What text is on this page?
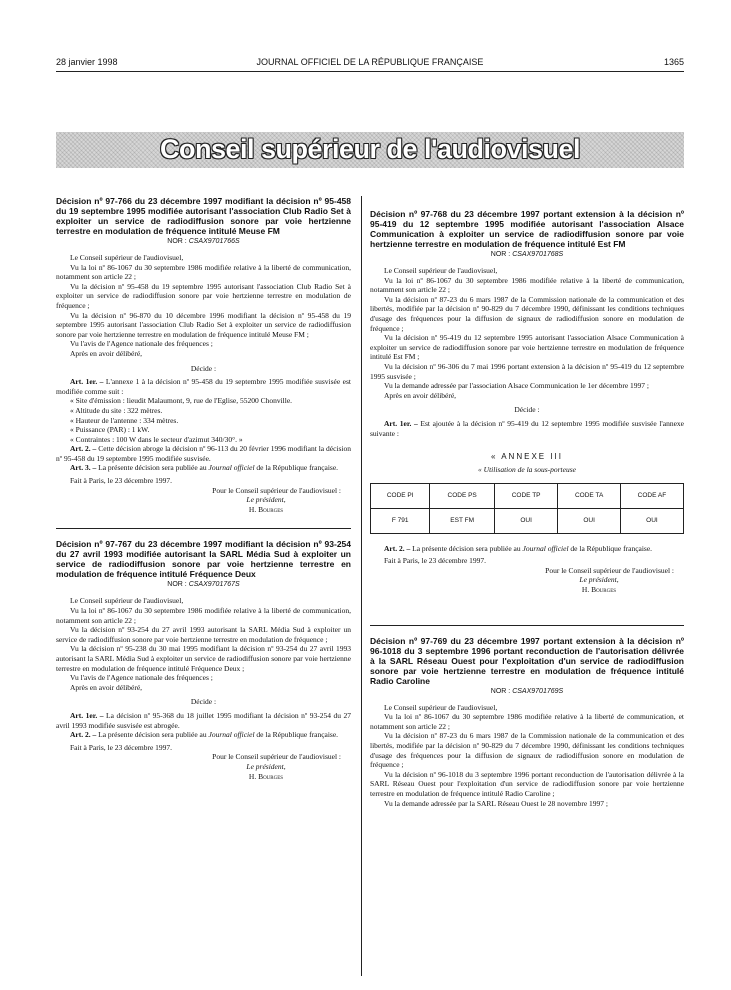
28 janvier 1998	JOURNAL OFFICIEL DE LA RÉPUBLIQUE FRANÇAISE	1365
Conseil supérieur de l'audiovisuel
Décision nº 97-766 du 23 décembre 1997 modifiant la décision nº 95-458 du 19 septembre 1995 modifiée autorisant l'association Club Radio Set à exploiter un service de radiodiffusion sonore par voie hertzienne terrestre en modulation de fréquence intitulé Meuse FM
NOR : CSAX9701766S

Le Conseil supérieur de l'audiovisuel,

Vu la loi nº 86-1067 du 30 septembre 1986 modifiée relative à la liberté de communication, notamment son article 22 ;

Vu la décision nº 95-458 du 19 septembre 1995 autorisant l'association Club Radio Set à exploiter un service de radiodiffusion sonore par voie hertzienne terrestre en modulation de fréquence ;

Vu la décision nº 96-870 du 10 décembre 1996 modifiant la décision nº 95-458 du 19 septembre 1995 autorisant l'association Club Radio Set à exploiter un service de radiodiffusion sonore par voie hertzienne terrestre en modulation de fréquence intitulé Meuse FM ;

Vu l'avis de l'Agence nationale des fréquences ;

Après en avoir délibéré,

Décide :

Art. 1er. – L'annexe 1 à la décision nº 95-458 du 19 septembre 1995 modifiée susvisée est modifiée comme suit :

« Site d'émission : lieudit Malaumont, 9, rue de l'Eglise, 55200 Chonville.

« Altitude du site : 322 mètres.

« Hauteur de l'antenne : 334 mètres.

« Puissance (PAR) : 1 kW.

« Contraintes : 100 W dans le secteur d'azimut 340/30°. »

Art. 2. – Cette décision abroge la décision nº 96-113 du 20 février 1996 modifiant la décision nº 95-458 du 19 septembre 1995 modifiée susvisée.

Art. 3. – La présente décision sera publiée au Journal officiel de la République française.

Fait à Paris, le 23 décembre 1997.

Pour le Conseil supérieur de l'audiovisuel :
Le président,
H. Bourges
Décision nº 97-767 du 23 décembre 1997 modifiant la décision nº 93-254 du 27 avril 1993 modifiée autorisant la SARL Média Sud à exploiter un service de radiodiffusion sonore par voie hertzienne terrestre en modulation de fréquence intitulé Fréquence Deux
NOR : CSAX9701767S

Le Conseil supérieur de l'audiovisuel,

Vu la loi nº 86-1067 du 30 septembre 1986 modifiée relative à la liberté de communication, notamment son article 22 ;

Vu la décision nº 93-254 du 27 avril 1993 autorisant la SARL Média Sud à exploiter un service de radiodiffusion sonore par voie hertzienne terrestre en modulation de fréquence ;

Vu la décision nº 95-238 du 30 mai 1995 modifiant la décision nº 93-254 du 27 avril 1993 autorisant la SARL Média Sud à exploiter un service de radiodiffusion sonore par voie hertzienne terrestre en modulation de fréquence intitulé Fréquence Deux ;

Vu l'avis de l'Agence nationale des fréquences ;

Après en avoir délibéré,

Décide :

Art. 1er. – La décision nº 95-368 du 18 juillet 1995 modifiant la décision nº 93-254 du 27 avril 1993 modifiée susvisée est abrogée.

Art. 2. – La présente décision sera publiée au Journal officiel de la République française.

Fait à Paris, le 23 décembre 1997.

Pour le Conseil supérieur de l'audiovisuel :
Le président,
H. Bourges
Décision nº 97-768 du 23 décembre 1997 portant extension à la décision nº 95-419 du 12 septembre 1995 modifiée autorisant l'association Alsace Communication à exploiter un service de radiodiffusion sonore par voie hertzienne terrestre en modulation de fréquence intitulé Est FM
NOR : CSAX9701768S

Le Conseil supérieur de l'audiovisuel,

Vu la loi nº 86-1067 du 30 septembre 1986 modifiée relative à la liberté de communication, notamment son article 22 ;

Vu la décision nº 87-23 du 6 mars 1987 de la Commission nationale de la communication et des libertés, modifiée par la décision nº 90-829 du 7 décembre 1990, définissant les conditions techniques d'usage des fréquences pour la diffusion de signaux de radiodiffusion sonore en modulation de fréquence ;

Vu la décision nº 95-419 du 12 septembre 1995 autorisant l'association Alsace Communication à exploiter un service de radiodiffusion sonore par voie hertzienne terrestre en modulation de fréquence intitulé Est FM ;

Vu la décision nº 96-306 du 7 mai 1996 portant extension à la décision nº 95-419 du 12 septembre 1995 susvisée ;

Vu la demande adressée par l'association Alsace Communication le 1er décembre 1997 ;

Après en avoir délibéré,

Décide :

Art. 1er. – Est ajoutée à la décision nº 95-419 du 12 septembre 1995 modifiée susvisée l'annexe suivante :

« ANNEXE III
« Utilisation de la sous-porteuse
CODE PI	CODE PS	CODE TP	CODE TA	CODE AF
F 791	EST FM	OUI	OUI	OUI

Art. 2. – La présente décision sera publiée au Journal officiel de la République française.

Fait à Paris, le 23 décembre 1997.

Pour le Conseil supérieur de l'audiovisuel :
Le président,
H. Bourges
Décision nº 97-769 du 23 décembre 1997 portant extension à la décision nº 96-1018 du 3 septembre 1996 portant reconduction de l'autorisation délivrée à la SARL Réseau Ouest pour l'exploitation d'un service de radiodiffusion sonore par voie hertzienne terrestre en modulation de fréquence intitulé Radio Caroline
NOR : CSAX9701769S

Le Conseil supérieur de l'audiovisuel,

Vu la loi nº 86-1067 du 30 septembre 1986 modifiée relative à la liberté de communication, et notamment son article 22 ;

Vu la décision nº 87-23 du 6 mars 1987 de la Commission nationale de la communication et des libertés, modifiée par la décision nº 90-829 du 7 décembre 1990, définissant les conditions techniques d'usage des fréquences pour la diffusion de signaux de radiodiffusion sonore en modulation de fréquence ;

Vu la décision nº 96-1018 du 3 septembre 1996 portant reconduction de l'autorisation délivrée à la SARL Réseau Ouest pour l'exploitation d'un service de radiodiffusion sonore par voie hertzienne terrestre en modulation de fréquence intitulé Radio Caroline ;

Vu la demande adressée par la SARL Réseau Ouest le 28 novembre 1997 ;
